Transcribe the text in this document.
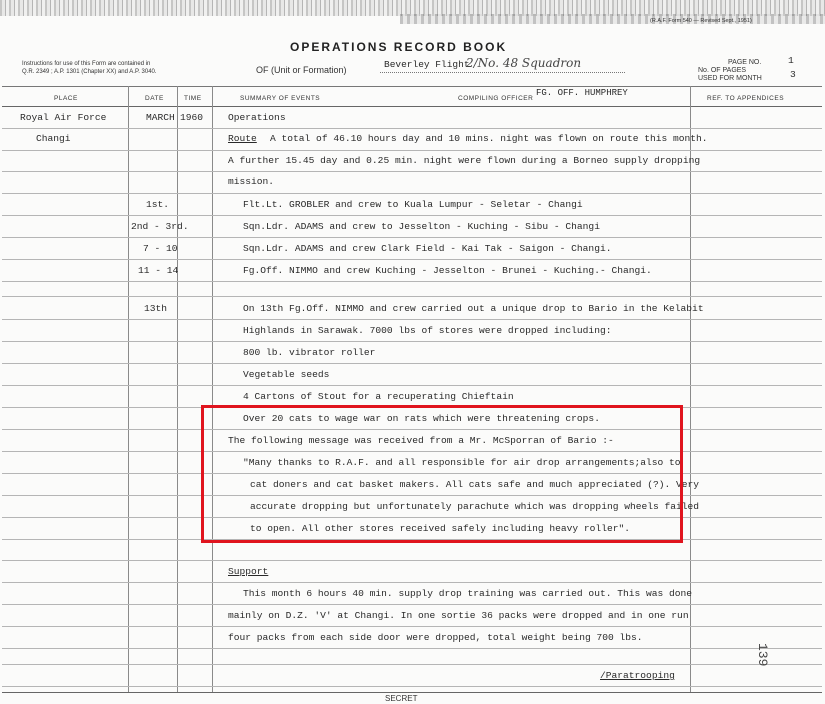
(R.A.F. Form 540 — Revised Sept., 1951)
OPERATIONS RECORD BOOK
Instructions for use of this Form are contained in
Q.R. 2349 ; A.P. 1301 (Chapter XX) and A.P. 3040.	OF (Unit or Formation)	Beverley Flight
2/No. 48 Squadron	PAGE NO.	1
No. OF PAGES
USED FOR MONTH	3
PLACE	DATE	TIME	SUMMARY OF EVENTS	COMPILING OFFICER
FG. OFF. HUMPHREY
REF. TO APPENDICES
Royal Air Force	MARCH 1960	Operations
Changi	Route A total of 46.10 hours day and 10 mins. night was flown on route this month.
A further 15.45 day and 0.25 min. night were flown during a Borneo supply dropping
mission.
1st.	Flt.Lt. GROBLER and crew to Kuala Lumpur - Seletar - Changi
2nd - 3rd.	Sqn.Ldr. ADAMS and crew to Jesselton - Kuching - Sibu - Changi
7 - 10	Sqn.Ldr. ADAMS and crew Clark Field - Kai Tak - Saigon - Changi.
11 - 14	Fg.Off. NIMMO and crew Kuching - Jesselton - Brunei - Kuching.- Changi.
13th	On 13th Fg.Off. NIMMO and crew carried out a unique drop to Bario in the Kelabit
Highlands in Sarawak. 7000 lbs of stores were dropped including:
800 lb. vibrator roller
Vegetable seeds
4 Cartons of Stout for a recuperating Chieftain
Over 20 cats to wage war on rats which were threatening crops.
The following message was received from a Mr. McSporran of Bario :-
"Many thanks to R.A.F. and all responsible for air drop arrangements;also to
cat doners and cat basket makers. All cats safe and much appreciated (?). Very
accurate dropping but unfortunately parachute which was dropping wheels failed
to open. All other stores received safely including heavy roller".
Support
This month 6 hours 40 min. supply drop training was carried out. This was done
mainly on D.Z. 'V' at Changi. In one sortie 36 packs were dropped and in one run
four packs from each side door were dropped, total weight being 700 lbs.
/Paratrooping
SECRET
139
